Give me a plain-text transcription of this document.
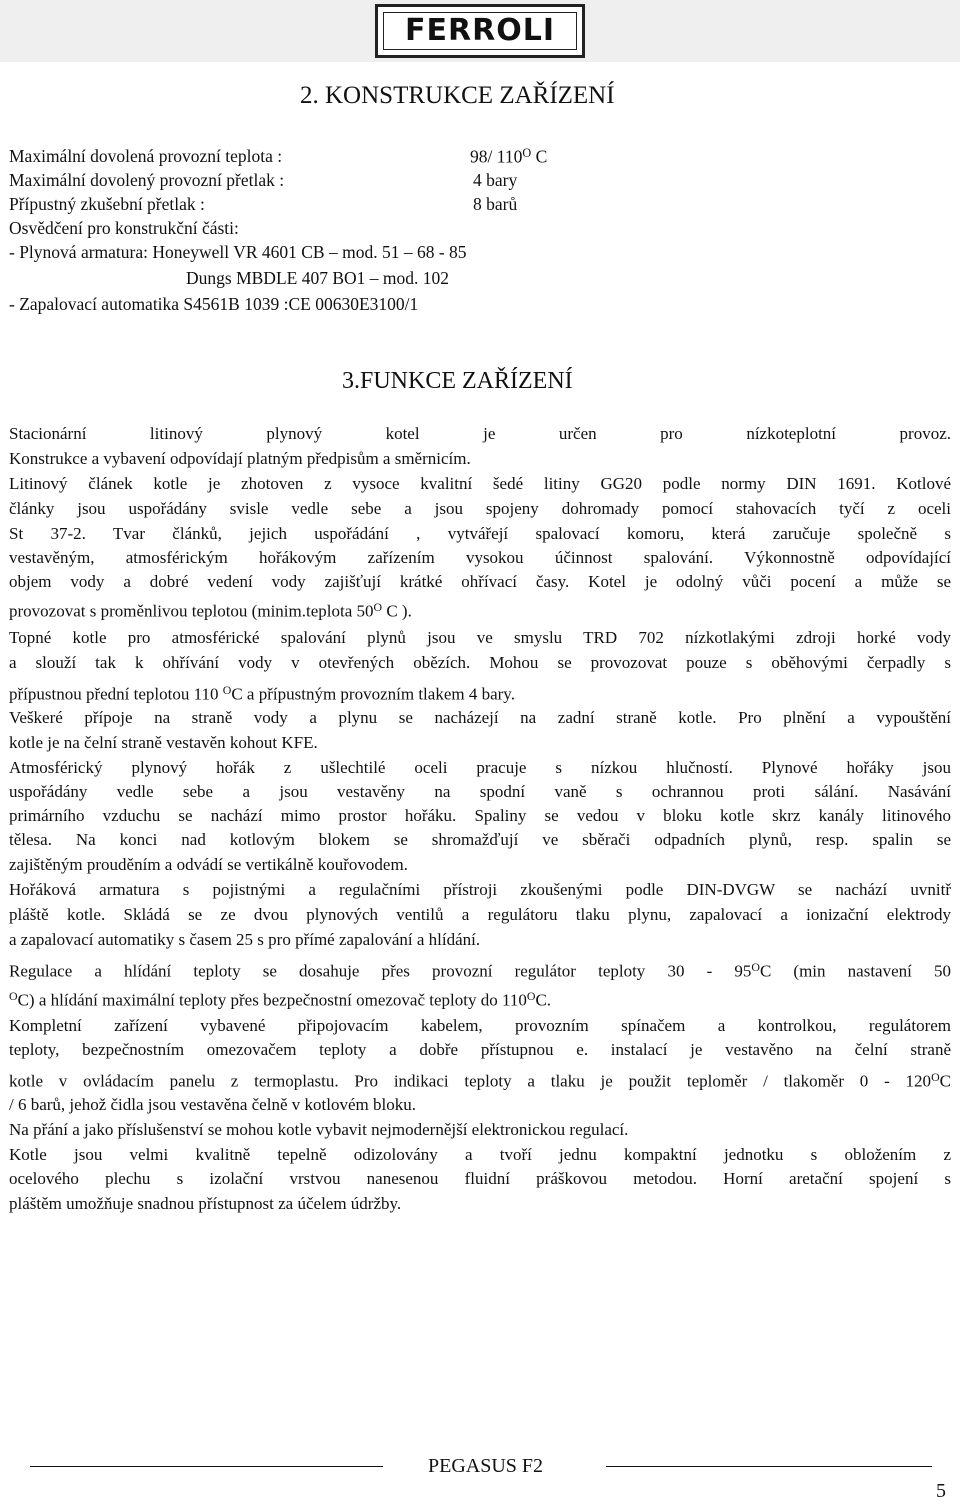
FERROLI
2. KONSTRUKCE ZAŘÍZENÍ
Maximální dovolená provozní teplota :	98/ $110^O$ C
Maximální dovolený provozní přetlak :	4 bary
Přípustný zkušební přetlak :	8 barů
Osvědčení pro konstrukční části:
- Plynová armatura: Honeywell VR 4601 CB – mod. 51 – 68 - 85
Dungs MBDLE 407 BO1 – mod. 102
- Zapalovací automatika S4561B 1039 :CE 00630E3100/1
3.FUNKCE ZAŘÍZENÍ
Stacionární litinový plynový kotel je určen pro nízkoteplotní provoz.
Konstrukce a vybavení odpovídají platným předpisům a směrnicím.
Litinový článek kotle je zhotoven z vysoce kvalitní šedé litiny GG20 podle normy DIN 1691. Kotlové
články jsou uspořádány svisle vedle sebe a jsou spojeny dohromady pomocí stahovacích tyčí z oceli
St 37-2. Tvar článků, jejich uspořádání , vytvářejí spalovací komoru, která zaručuje společně s
vestavěným, atmosférickým hořákovým zařízením vysokou účinnost spalování. Výkonnostně odpovídající
objem vody a dobré vedení vody zajišťují krátké ohřívací časy. Kotel je odolný vůči pocení a může se
provozovat s proměnlivou teplotou (minim.teplota $50^O$ C ).
Topné kotle pro atmosférické spalování plynů jsou ve smyslu TRD 702 nízkotlakými zdroji horké vody
a slouží tak k ohřívání vody v otevřených obězích. Mohou se provozovat pouze s oběhovými čerpadly s
přípustnou přední teplotou 110 $^O$C a přípustným provozním tlakem 4 bary.
Veškeré přípoje na straně vody a plynu se nacházejí na zadní straně kotle. Pro plnění a vypouštění
kotle je na čelní straně vestavěn kohout KFE.
Atmosférický plynový hořák z ušlechtilé oceli pracuje s nízkou hlučností. Plynové hořáky jsou
uspořádány vedle sebe a jsou vestavěny na spodní vaně s ochrannou proti sálání. Nasávání
primárního vzduchu se nachází mimo prostor hořáku. Spaliny se vedou v bloku kotle skrz kanály litinového
tělesa. Na konci nad kotlovým blokem se shromažďují ve sběrači odpadních plynů, resp. spalin se
zajištěným prouděním a odvádí se vertikálně kouřovodem.
Hořáková armatura s pojistnými a regulačními přístroji zkoušenými podle DIN-DVGW se nachází uvnitř
pláště kotle. Skládá se ze dvou plynových ventilů a regulátoru tlaku plynu, zapalovací a ionizační elektrody
a zapalovací automatiky s časem 25 s pro přímé zapalování a hlídání.
Regulace a hlídání teploty se dosahuje přes provozní regulátor teploty $30 - 95^OC$ (min nastavení 50
$^O$C) a hlídání maximální teploty přes bezpečnostní omezovač teploty do $110^OC$.
Kompletní zařízení vybavené připojovacím kabelem, provozním spínačem a kontrolkou, regulátorem
teploty, bezpečnostním omezovačem teploty a dobře přístupnou e. instalací je vestavěno na čelní straně
kotle v ovládacím panelu z termoplastu. Pro indikaci teploty a tlaku je použit teploměr / tlakoměr $0 - 120^OC$
/ 6 barů, jehož čidla jsou vestavěna čelně v kotlovém bloku.
Na přání a jako příslušenství se mohou kotle vybavit nejmodernější elektronickou regulací.
Kotle jsou velmi kvalitně tepelně odizolovány a tvoří jednu kompaktní jednotku s obložením z
ocelového plechu s izolační vrstvou nanesenou fluidní práškovou metodou. Horní aretační spojení s
pláštěm umožňuje snadnou přístupnost za účelem údržby.
PEGASUS F2
5
